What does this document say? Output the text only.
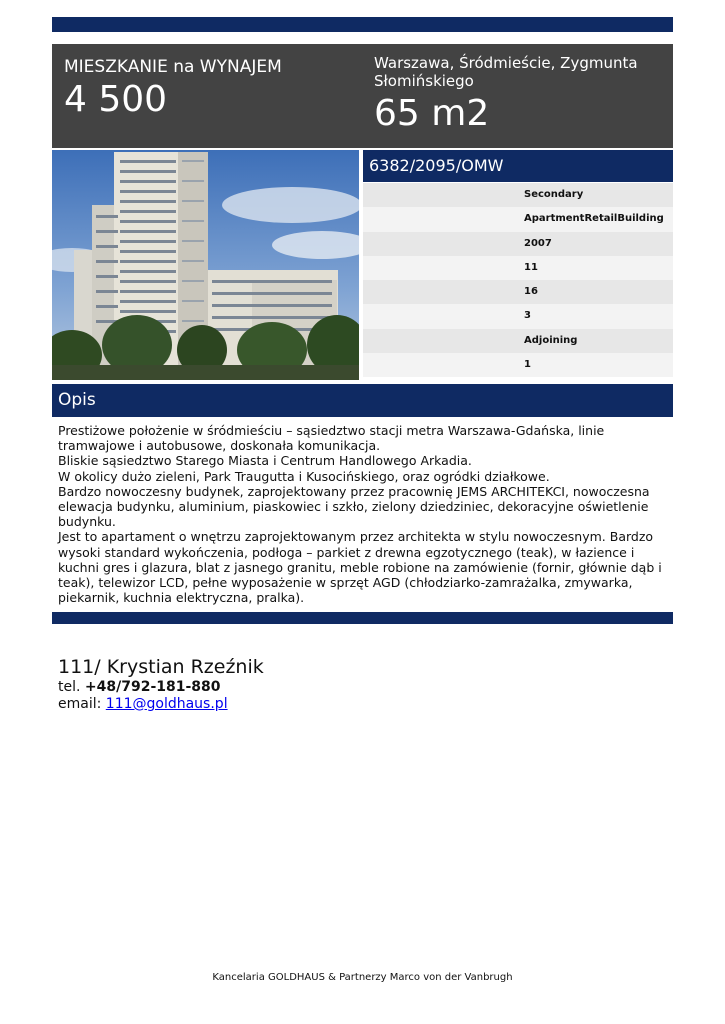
MIESZKANIE na WYNAJEM
4 500
Warszawa, Śródmieście, Zygmunta Słomińskiego
65 m2
6382/2095/OMW
Secondary
ApartmentRetailBuilding
2007
11
16
3
Adjoining
1
Opis

Prestiżowe położenie w śródmieściu – sąsiedztwo stacji metra Warszawa-Gdańska, linie tramwajowe i autobusowe, doskonała komunikacja.

Bliskie sąsiedztwo Starego Miasta i Centrum Handlowego Arkadia.

W okolicy dużo zieleni, Park Traugutta i Kusocińskiego, oraz ogródki działkowe.

Bardzo nowoczesny budynek, zaprojektowany przez pracownię JEMS ARCHITEKCI, nowoczesna elewacja budynku, aluminium, piaskowiec i szkło, zielony dziedziniec, dekoracyjne oświetlenie budynku.

Jest to apartament o wnętrzu zaprojektowanym przez architekta w stylu nowoczesnym. Bardzo wysoki standard wykończenia, podłoga – parkiet z drewna egzotycznego (teak), w łazience i kuchni gres i glazura, blat z jasnego granitu, meble robione na zamówienie (fornir, głównie dąb i teak), telewizor LCD, pełne wyposażenie w sprzęt AGD (chłodziarko-zamrażalka, zmywarka, piekarnik, kuchnia elektryczna, pralka).

111/ Krystian Rzeźnik
tel. +48/792-181-880
email: 111@goldhaus.pl
Kancelaria GOLDHAUS & Partnerzy Marco von der Vanbrugh
